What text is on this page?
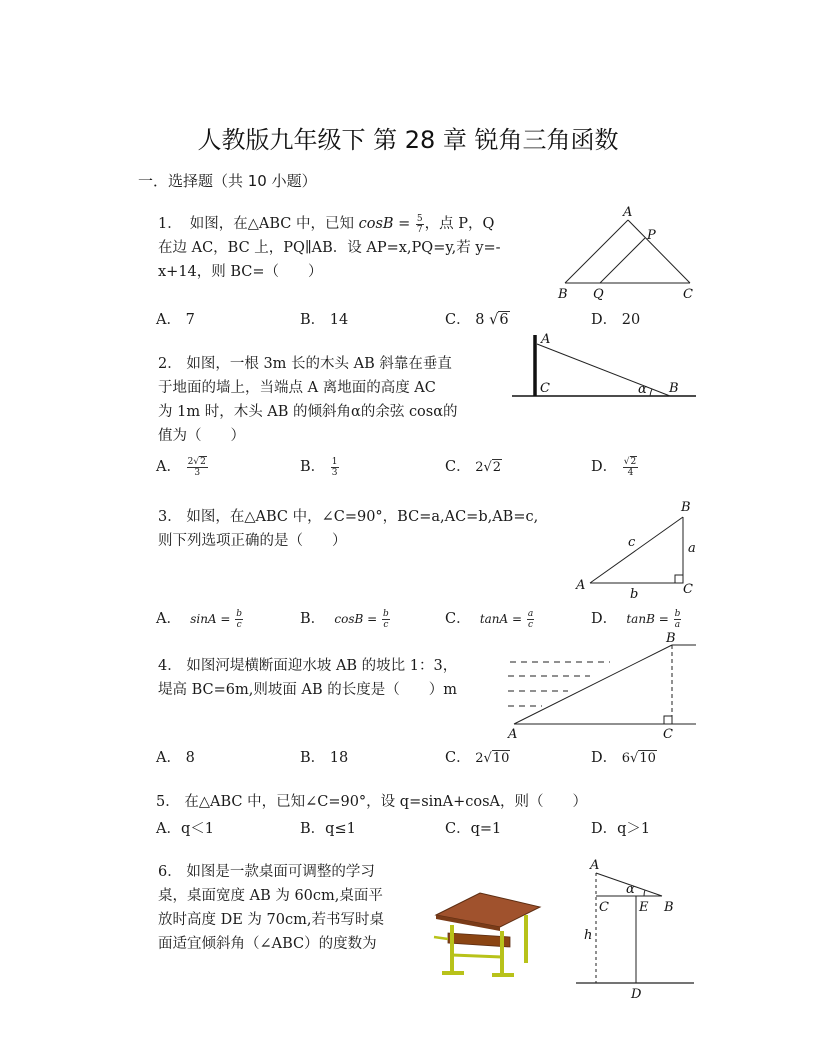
人教版九年级下 第 28 章 锐角三角函数
一．选择题（共 10 小题）
1． 如图，在△ABC 中，已知 $\cos B = \frac{5}{7}$ ，点 P，Q
在边 AC，BC 上，PQ∥AB．设 AP=x,PQ=y,若 y=-
x+14，则 BC=（　　）
A
P
B Q	C
A． 7	B． 14	C． 8 √6	D． 20
2． 如图，一根 3m 长的木头 AB 斜靠在垂直
于地面的墙上，当端点 A 离地面的高度 AC
为 1m 时，木头 AB 的倾斜角α的余弦 cosα的
值为（　　）
A
C	α B
A． $\frac{2√2}{3}$	B． $\frac{1}{3}$	C． 2√2	D． $\frac{√2}{4}$
3． 如图，在△ABC 中，∠C=90°，BC=a,AC=b,AB=c,
则下列选项正确的是（　　）
B
c	a
A
b	C
A． $\sin A = \frac{b}{c}$	B． $\cos B = \frac{b}{c}$	C． $\tan A = \frac{a}{c}$	D． $\tan B = \frac{b}{a}$
4． 如图河堤横断面迎水坡 AB 的坡比 1：3，
堤高 BC=6m,则坡面 AB 的长度是（　　）m
B
A	C
A． 8	B． 18	C． 2√10	D． 6√10
5． 在△ABC 中，已知∠C=90°，设 q=sinA+cosA，则（　　）
A．q＜1	B．q≤1	C．q=1	D．q＞1
6． 如图是一款桌面可调整的学习
桌，桌面宽度 AB 为 60cm,桌面平
放时高度 DE 为 70cm,若书写时桌
面适宜倾斜角（∠ABC）的度数为
A
α
C E B
h
D
